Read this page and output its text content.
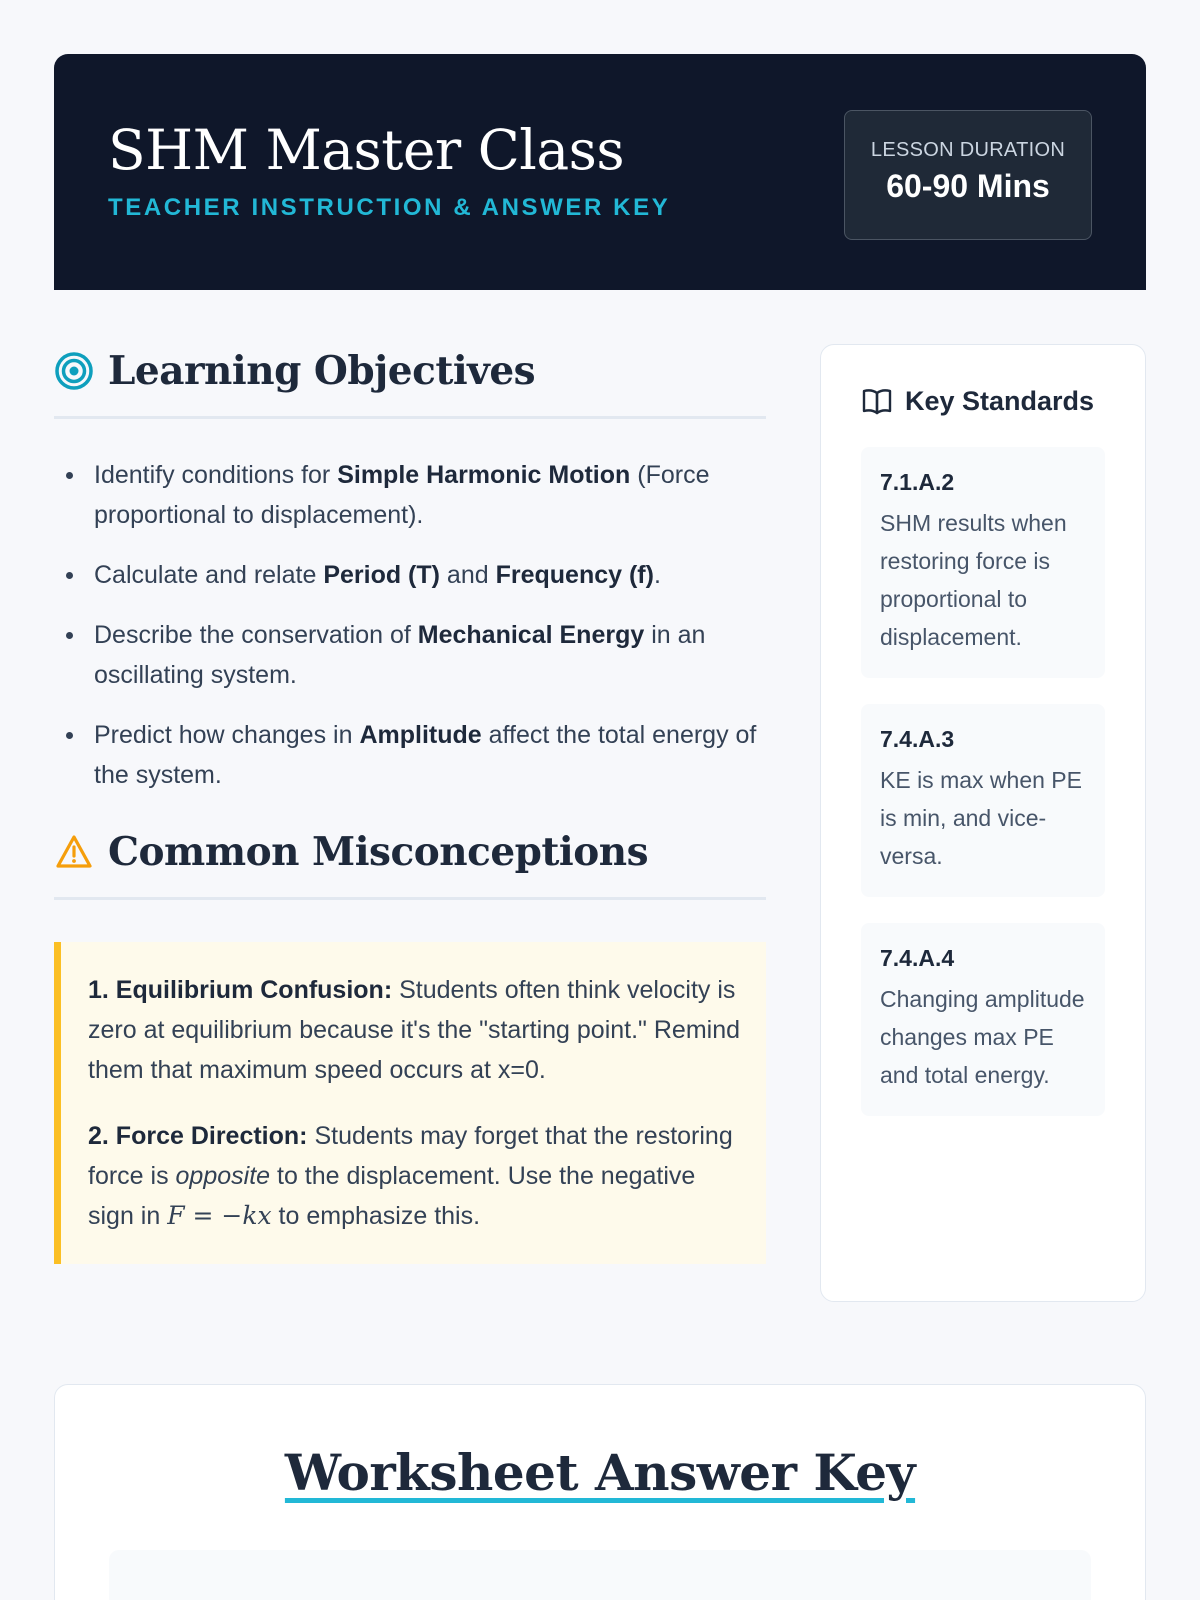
SHM Master Class
TEACHER INSTRUCTION & ANSWER KEY
LESSON DURATION
60-90 Mins
Learning Objectives
Identify conditions for Simple Harmonic Motion (Force proportional to displacement).
Calculate and relate Period (T) and Frequency (f).
Describe the conservation of Mechanical Energy in an oscillating system.
Predict how changes in Amplitude affect the total energy of the system.
Common Misconceptions

1. Equilibrium Confusion: Students often think velocity is zero at equilibrium because it's the "starting point." Remind them that maximum speed occurs at x=0.

2. Force Direction: Students may forget that the restoring force is opposite to the displacement. Use the negative sign in F = −kx to emphasize this.

Key Standards
7.1.A.2
SHM results when restoring force is proportional to displacement.
7.4.A.3
KE is max when PE is min, and vice-versa.
7.4.A.4
Changing amplitude changes max PE and total energy.
Worksheet Answer Key
